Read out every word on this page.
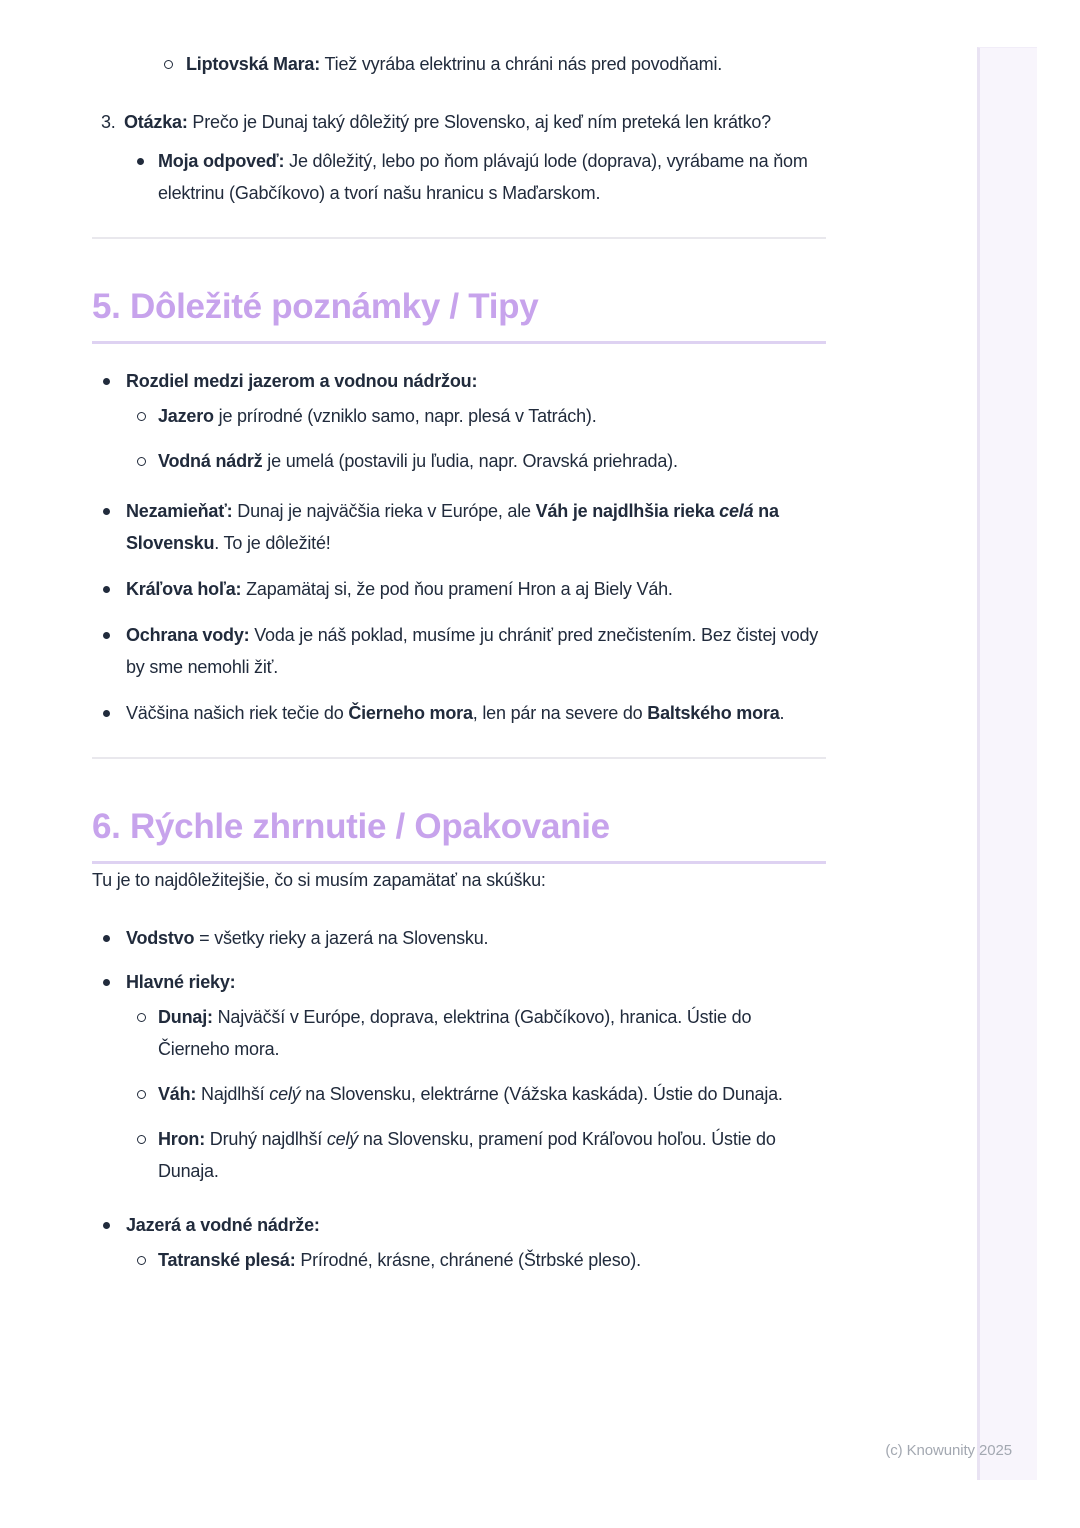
Liptovská Mara: Tiež vyrába elektrinu a chráni nás pred povodňami.

3. Otázka: Prečo je Dunaj taký dôležitý pre Slovensko, aj keď ním preteká len krátko?

Moja odpoveď: Je dôležitý, lebo po ňom plávajú lode (doprava), vyrábame na ňom elektrinu (Gabčíkovo) a tvorí našu hranicu s Maďarskom.

5. Dôležité poznámky / Tipy

Rozdiel medzi jazerom a vodnou nádržou:

Jazero je prírodné (vzniklo samo, napr. plesá v Tatrách).

Vodná nádrž je umelá (postavili ju ľudia, napr. Oravská priehrada).

Nezamieňať: Dunaj je najväčšia rieka v Európe, ale Váh je najdlhšia rieka celá na Slovensku. To je dôležité!

Kráľova hoľa: Zapamätaj si, že pod ňou pramení Hron a aj Biely Váh.

Ochrana vody: Voda je náš poklad, musíme ju chrániť pred znečistením. Bez čistej vody by sme nemohli žiť.

Väčšina našich riek tečie do Čierneho mora, len pár na severe do Baltského mora.

6. Rýchle zhrnutie / Opakovanie

Tu je to najdôležitejšie, čo si musím zapamätať na skúšku:

Vodstvo = všetky rieky a jazerá na Slovensku.

Hlavné rieky:

Dunaj: Najväčší v Európe, doprava, elektrina (Gabčíkovo), hranica. Ústie do Čierneho mora.

Váh: Najdlhší celý na Slovensku, elektrárne (Vážska kaskáda). Ústie do Dunaja.

Hron: Druhý najdlhší celý na Slovensku, pramení pod Kráľovou hoľou. Ústie do Dunaja.

Jazerá a vodné nádrže:

Tatranské plesá: Prírodné, krásne, chránené (Štrbské pleso).

(c) Knowunity 2025
